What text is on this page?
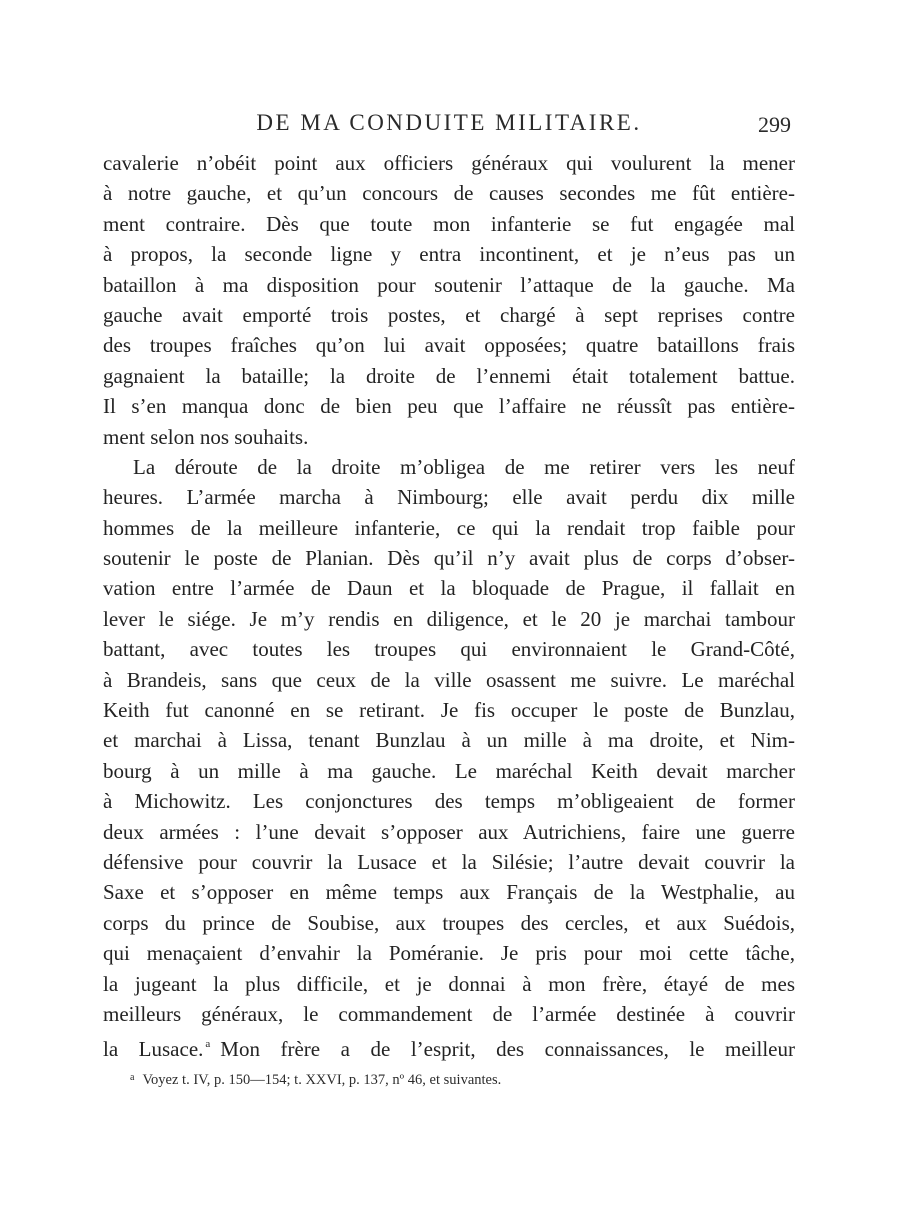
DE MA CONDUITE MILITAIRE.	299
cavalerie n’obéit point aux officiers généraux qui voulurent la mener
à notre gauche, et qu’un concours de causes secondes me fût entière-
ment contraire. Dès que toute mon infanterie se fut engagée mal
à propos, la seconde ligne y entra incontinent, et je n’eus pas un
bataillon à ma disposition pour soutenir l’attaque de la gauche. Ma
gauche avait emporté trois postes, et chargé à sept reprises contre
des troupes fraîches qu’on lui avait opposées; quatre bataillons frais
gagnaient la bataille; la droite de l’ennemi était totalement battue.
Il s’en manqua donc de bien peu que l’affaire ne réussît pas entière-
ment selon nos souhaits.
La déroute de la droite m’obligea de me retirer vers les neuf
heures. L’armée marcha à Nimbourg; elle avait perdu dix mille
hommes de la meilleure infanterie, ce qui la rendait trop faible pour
soutenir le poste de Planian. Dès qu’il n’y avait plus de corps d’obser-
vation entre l’armée de Daun et la bloquade de Prague, il fallait en
lever le siége. Je m’y rendis en diligence, et le 20 je marchai tambour
battant, avec toutes les troupes qui environnaient le Grand-Côté,
à Brandeis, sans que ceux de la ville osassent me suivre. Le maréchal
Keith fut canonné en se retirant. Je fis occuper le poste de Bunzlau,
et marchai à Lissa, tenant Bunzlau à un mille à ma droite, et Nim-
bourg à un mille à ma gauche. Le maréchal Keith devait marcher
à Michowitz. Les conjonctures des temps m’obligeaient de former
deux armées : l’une devait s’opposer aux Autrichiens, faire une guerre
défensive pour couvrir la Lusace et la Silésie; l’autre devait couvrir la
Saxe et s’opposer en même temps aux Français de la Westphalie, au
corps du prince de Soubise, aux troupes des cercles, et aux Suédois,
qui menaçaient d’envahir la Poméranie. Je pris pour moi cette tâche,
la jugeant la plus difficile, et je donnai à mon frère, étayé de mes
meilleurs généraux, le commandement de l’armée destinée à couvrir
la Lusace. $^a$ Mon frère a de l’esprit, des connaissances, le meilleur
$^a$ Voyez t. IV, p. 150—154; t. XXVI, p. 137, nº 46, et suivantes.
